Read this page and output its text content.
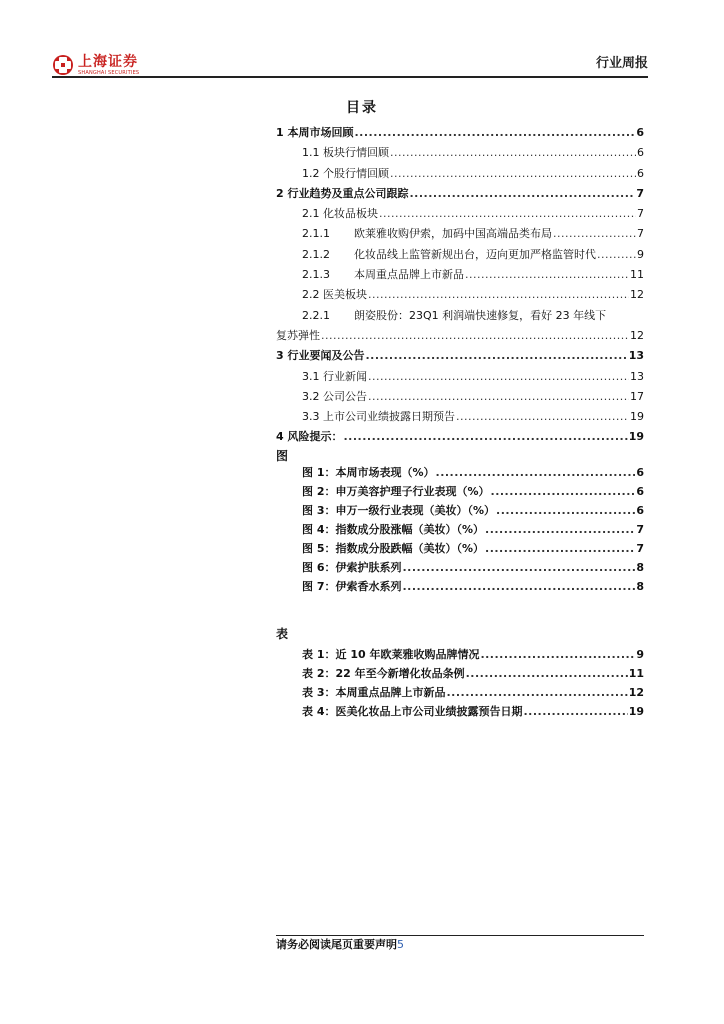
上海证券
SHANGHAI SECURITIES
行业周报
目录
1 本周市场回顾 .....	6
1.1 板块行情回顾 .....	6
1.2 个股行情回顾 .....	6
2 行业趋势及重点公司跟踪 .....	7
2.1 化妆品板块 .....	7
2.1.1 欧莱雅收购伊索，加码中国高端品类布局 .....	7
2.1.2 化妆品线上监管新规出台，迈向更加严格监管时代 .....	9
2.1.3 本周重点品牌上市新品 .....	11
2.2 医美板块 .....	12
2.2.1 朗姿股份：23Q1 利润端快速修复，看好 23 年线下
复苏弹性 .....	12
3 行业要闻及公告 .....	13
3.1 行业新闻 .....	13
3.2 公司公告 .....	17
3.3 上市公司业绩披露日期预告 .....	19
4 风险提示： .....	19
图
图 1：本周市场表现（%） .....	6
图 2：申万美容护理子行业表现（%） .....	6
图 3：申万一级行业表现（美妆）（%） .....	6
图 4：指数成分股涨幅（美妆）（%） .....	7
图 5：指数成分股跌幅（美妆）（%） .....	7
图 6：伊索护肤系列 .....	8
图 7：伊索香水系列 .....	8
表
表 1：近 10 年欧莱雅收购品牌情况 .....	9
表 2：22 年至今新增化妆品条例 .....	11
表 3：本周重点品牌上市新品 .....	12
表 4：医美化妆品上市公司业绩披露预告日期 .....	19
请务必阅读尾页重要声明5
